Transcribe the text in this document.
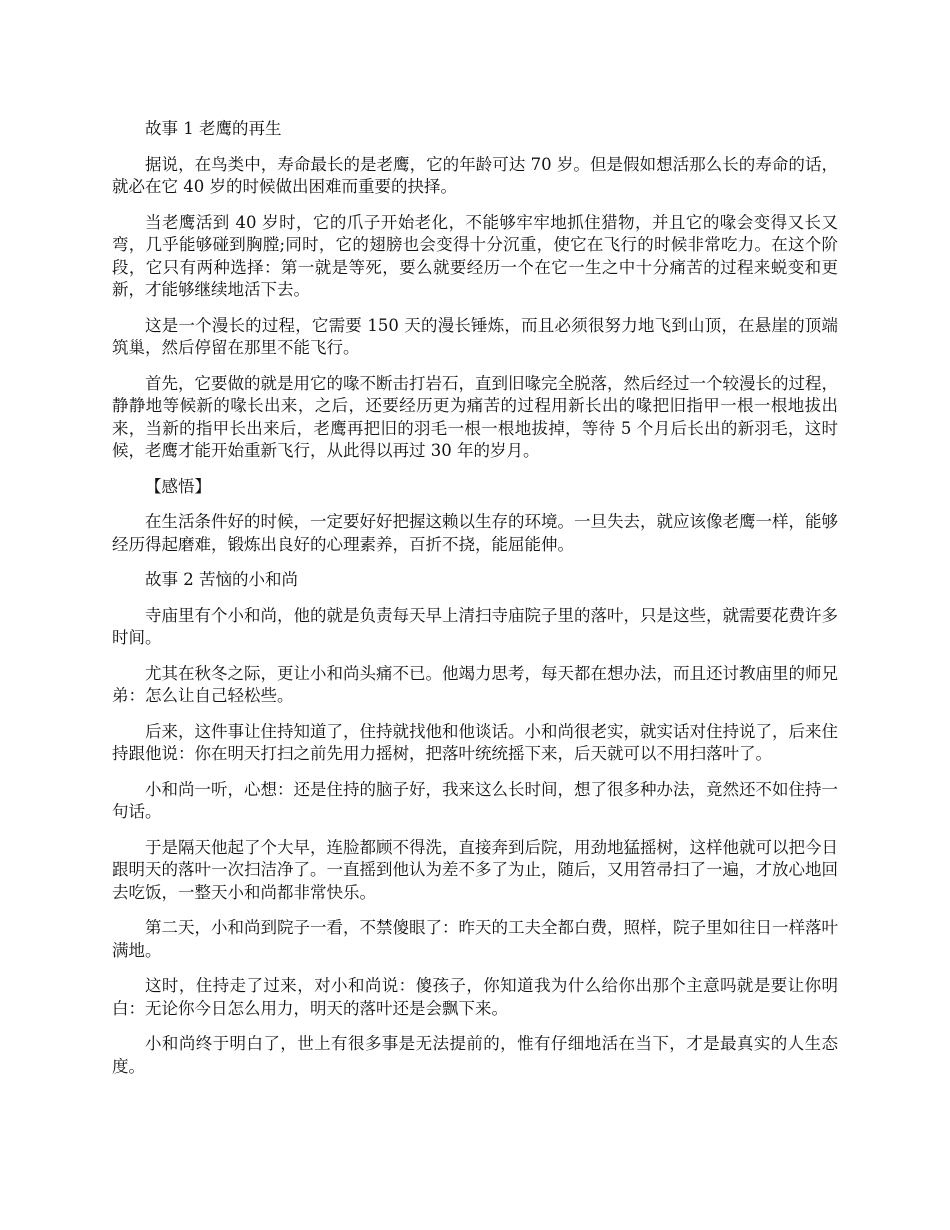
故事 1 老鹰的再生

据说，在鸟类中，寿命最长的是老鹰，它的年龄可达 70 岁。但是假如想活那么长的寿命的话，就必在它 40 岁的时候做出困难而重要的抉择。

当老鹰活到 40 岁时，它的爪子开始老化，不能够牢牢地抓住猎物，并且它的喙会变得又长又弯，几乎能够碰到胸膛;同时，它的翅膀也会变得十分沉重，使它在飞行的时候非常吃力。在这个阶段，它只有两种选择：第一就是等死，要么就要经历一个在它一生之中十分痛苦的过程来蜕变和更新，才能够继续地活下去。

这是一个漫长的过程，它需要 150 天的漫长锤炼，而且必须很努力地飞到山顶，在悬崖的顶端筑巢，然后停留在那里不能飞行。

首先，它要做的就是用它的喙不断击打岩石，直到旧喙完全脱落，然后经过一个较漫长的过程，静静地等候新的喙长出来，之后，还要经历更为痛苦的过程用新长出的喙把旧指甲一根一根地拔出来，当新的指甲长出来后，老鹰再把旧的羽毛一根一根地拔掉，等待 5 个月后长出的新羽毛，这时候，老鹰才能开始重新飞行，从此得以再过 30 年的岁月。

【感悟】

在生活条件好的时候，一定要好好把握这赖以生存的环境。一旦失去，就应该像老鹰一样，能够经历得起磨难，锻炼出良好的心理素养，百折不挠，能屈能伸。

故事 2 苦恼的小和尚

寺庙里有个小和尚，他的就是负责每天早上清扫寺庙院子里的落叶，只是这些，就需要花费许多时间。

尤其在秋冬之际，更让小和尚头痛不已。他竭力思考，每天都在想办法，而且还讨教庙里的师兄弟：怎么让自己轻松些。

后来，这件事让住持知道了，住持就找他和他谈话。小和尚很老实，就实话对住持说了，后来住持跟他说：你在明天打扫之前先用力摇树，把落叶统统摇下来，后天就可以不用扫落叶了。

小和尚一听，心想：还是住持的脑子好，我来这么长时间，想了很多种办法，竟然还不如住持一句话。

于是隔天他起了个大早，连脸都顾不得洗，直接奔到后院，用劲地猛摇树，这样他就可以把今日跟明天的落叶一次扫洁净了。一直摇到他认为差不多了为止，随后，又用笤帚扫了一遍，才放心地回去吃饭，一整天小和尚都非常快乐。

第二天，小和尚到院子一看，不禁傻眼了：昨天的工夫全都白费，照样，院子里如往日一样落叶满地。

这时，住持走了过来，对小和尚说：傻孩子，你知道我为什么给你出那个主意吗就是要让你明白：无论你今日怎么用力，明天的落叶还是会飘下来。

小和尚终于明白了，世上有很多事是无法提前的，惟有仔细地活在当下，才是最真实的人生态度。
